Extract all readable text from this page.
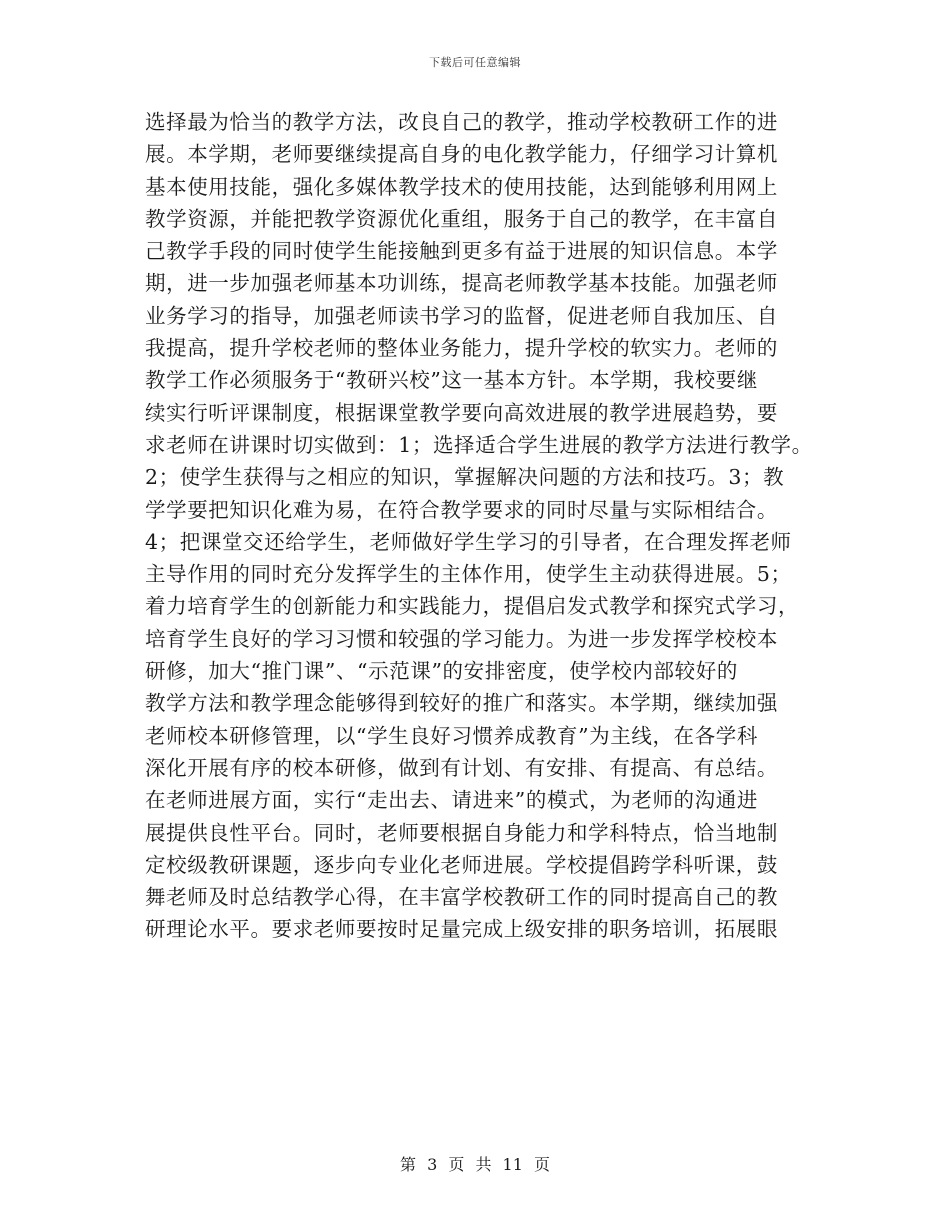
下载后可任意编辑
选择最为恰当的教学方法，改良自己的教学，推动学校教研工作的进
展。本学期，老师要继续提高自身的电化教学能力，仔细学习计算机
基本使用技能，强化多媒体教学技术的使用技能，达到能够利用网上
教学资源，并能把教学资源优化重组，服务于自己的教学，在丰富自
己教学手段的同时使学生能接触到更多有益于进展的知识信息。本学
期，进一步加强老师基本功训练，提高老师教学基本技能。加强老师
业务学习的指导，加强老师读书学习的监督，促进老师自我加压、自
我提高，提升学校老师的整体业务能力，提升学校的软实力。老师的
教学工作必须服务于“教研兴校”这一基本方针。本学期，我校要继
续实行听评课制度，根据课堂教学要向高效进展的教学进展趋势，要
求老师在讲课时切实做到：1；选择适合学生进展的教学方法进行教学。
2；使学生获得与之相应的知识，掌握解决问题的方法和技巧。3；教
学学要把知识化难为易，在符合教学要求的同时尽量与实际相结合。
4；把课堂交还给学生，老师做好学生学习的引导者，在合理发挥老师
主导作用的同时充分发挥学生的主体作用，使学生主动获得进展。5；
着力培育学生的创新能力和实践能力，提倡启发式教学和探究式学习，
培育学生良好的学习习惯和较强的学习能力。为进一步发挥学校校本
研修，加大“推门课”、“示范课”的安排密度，使学校内部较好的
教学方法和教学理念能够得到较好的推广和落实。本学期，继续加强
老师校本研修管理，以“学生良好习惯养成教育”为主线，在各学科
深化开展有序的校本研修，做到有计划、有安排、有提高、有总结。
在老师进展方面，实行“走出去、请进来”的模式，为老师的沟通进
展提供良性平台。同时，老师要根据自身能力和学科特点，恰当地制
定校级教研课题，逐步向专业化老师进展。学校提倡跨学科听课，鼓
舞老师及时总结教学心得，在丰富学校教研工作的同时提高自己的教
研理论水平。要求老师要按时足量完成上级安排的职务培训，拓展眼
第 3 页 共 11 页
